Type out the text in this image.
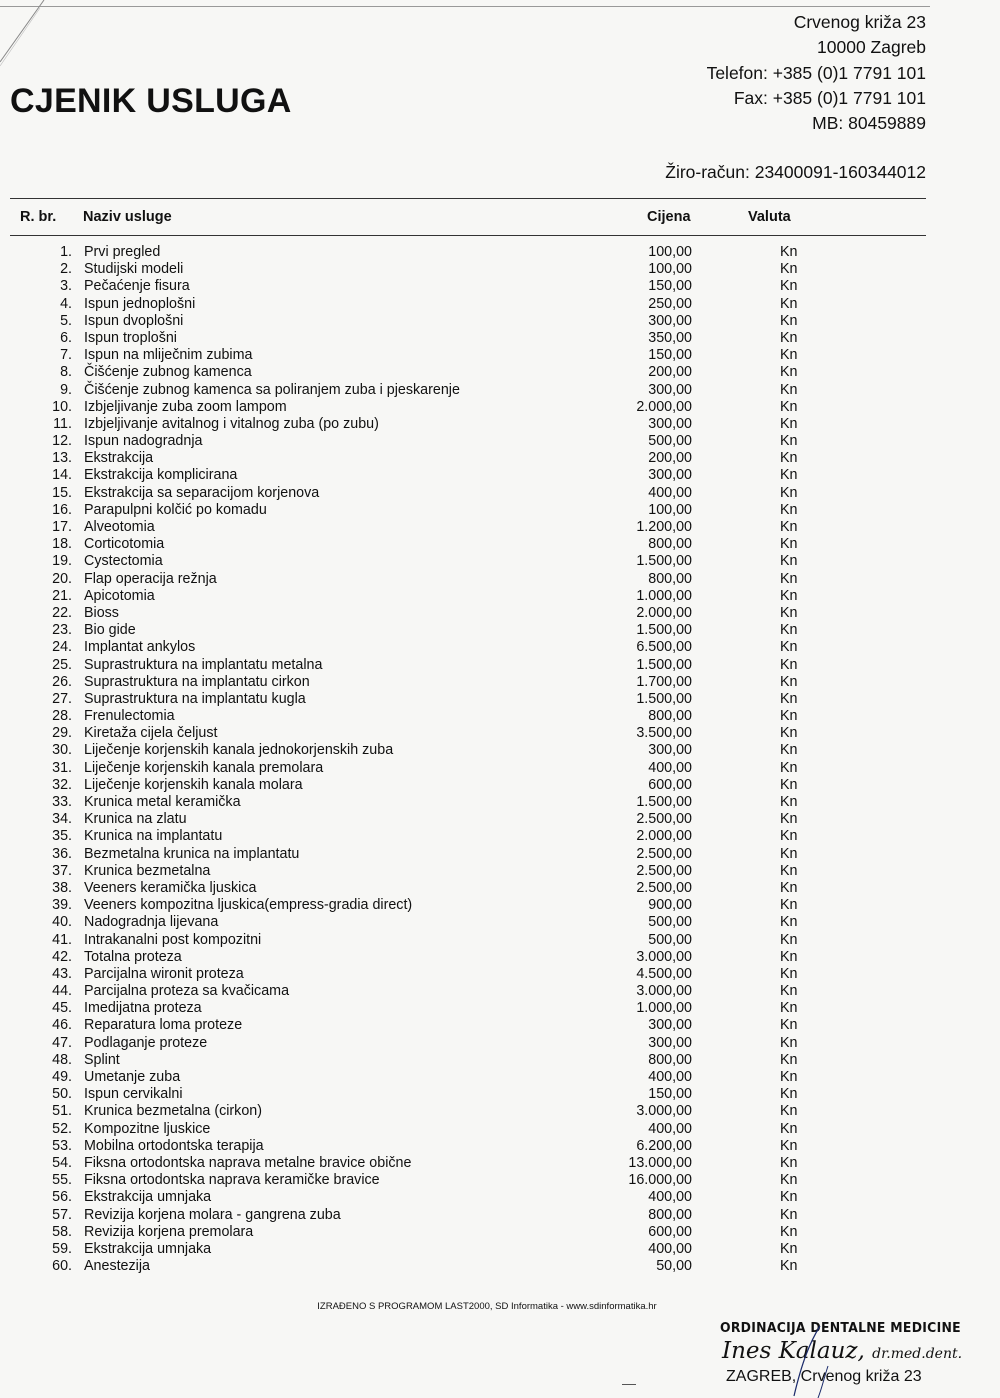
CJENIK USLUGA
Crvenog križa 23
10000 Zagreb
Telefon: +385 (0)1 7791 101
Fax: +385 (0)1 7791 101
MB: 80459889
Žiro-račun: 23400091-160344012
R. br. Naziv usluge	Cijena	Valuta
1. Prvi pregled	100,00	Kn
2. Studijski modeli	100,00	Kn
3. Pečaćenje fisura	150,00	Kn
4. Ispun jednoplošni	250,00	Kn
5. Ispun dvoplošni	300,00	Kn
6. Ispun troplošni	350,00	Kn
7. Ispun na mliječnim zubima	150,00	Kn
8. Čišćenje zubnog kamenca	200,00	Kn
9. Čišćenje zubnog kamenca sa poliranjem zuba i pjeskarenje	300,00	Kn
10. Izbjeljivanje zuba zoom lampom	2.000,00	Kn
11. Izbjeljivanje avitalnog i vitalnog zuba (po zubu)	300,00	Kn
12. Ispun nadogradnja	500,00	Kn
13. Ekstrakcija	200,00	Kn
14. Ekstrakcija komplicirana	300,00	Kn
15. Ekstrakcija sa separacijom korjenova	400,00	Kn
16. Parapulpni kolčić po komadu	100,00	Kn
17. Alveotomia	1.200,00	Kn
18. Corticotomia	800,00	Kn
19. Cystectomia	1.500,00	Kn
20. Flap operacija režnja	800,00	Kn
21. Apicotomia	1.000,00	Kn
22. Bioss	2.000,00	Kn
23. Bio gide	1.500,00	Kn
24. Implantat ankylos	6.500,00	Kn
25. Suprastruktura na implantatu metalna	1.500,00	Kn
26. Suprastruktura na implantatu cirkon	1.700,00	Kn
27. Suprastruktura na implantatu kugla	1.500,00	Kn
28. Frenulectomia	800,00	Kn
29. Kiretaža cijela čeljust	3.500,00	Kn
30. Liječenje korjenskih kanala jednokorjenskih zuba	300,00	Kn
31. Liječenje korjenskih kanala premolara	400,00	Kn
32. Liječenje korjenskih kanala molara	600,00	Kn
33. Krunica metal keramička	1.500,00	Kn
34. Krunica na zlatu	2.500,00	Kn
35. Krunica na implantatu	2.000,00	Kn
36. Bezmetalna krunica na implantatu	2.500,00	Kn
37. Krunica bezmetalna	2.500,00	Kn
38. Veeners keramička ljuskica	2.500,00	Kn
39. Veeners kompozitna ljuskica(empress-gradia direct)	900,00	Kn
40. Nadogradnja lijevana	500,00	Kn
41. Intrakanalni post kompozitni	500,00	Kn
42. Totalna proteza	3.000,00	Kn
43. Parcijalna wironit proteza	4.500,00	Kn
44. Parcijalna proteza sa kvačicama	3.000,00	Kn
45. Imedijatna proteza	1.000,00	Kn
46. Reparatura loma proteze	300,00	Kn
47. Podlaganje proteze	300,00	Kn
48. Splint	800,00	Kn
49. Umetanje zuba	400,00	Kn
50. Ispun cervikalni	150,00	Kn
51. Krunica bezmetalna (cirkon)	3.000,00	Kn
52. Kompozitne ljuskice	400,00	Kn
53. Mobilna ortodontska terapija	6.200,00	Kn
54. Fiksna ortodontska naprava metalne bravice obične	13.000,00	Kn
55. Fiksna ortodontska naprava keramičke bravice	16.000,00	Kn
56. Ekstrakcija umnjaka	400,00	Kn
57. Revizija korjena molara - gangrena zuba	800,00	Kn
58. Revizija korjena premolara	600,00	Kn
59. Ekstrakcija umnjaka	400,00	Kn
60. Anestezija	50,00	Kn
IZRAĐENO S PROGRAMOM LAST2000, SD Informatika - www.sdinformatika.hr
ORDINACIJA DENTALNE MEDICINE
Ines Kalauz, dr.med.dent.
ZAGREB, Crvenog križa 23
